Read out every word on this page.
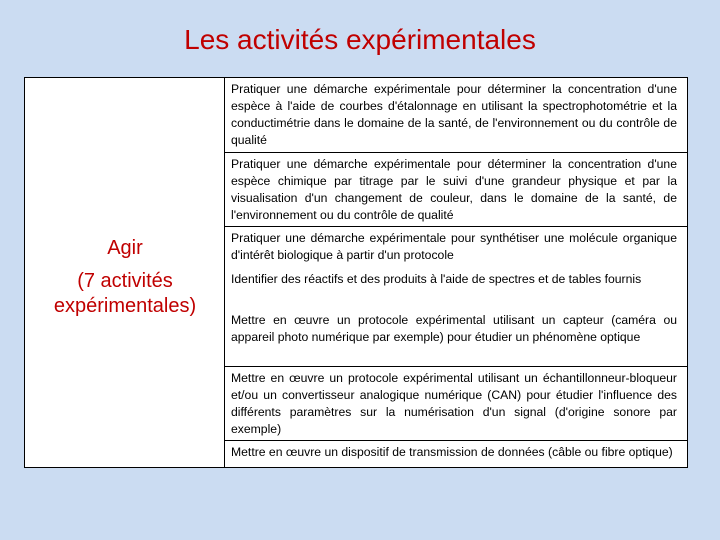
Les activités expérimentales
Agir
(7 activités
expérimentales)
Pratiquer une démarche expérimentale pour déterminer la concentration d'une espèce à l'aide de courbes d'étalonnage en utilisant la spectrophotométrie et la conductimétrie dans le domaine de la santé, de l'environnement ou du contrôle de qualité
Pratiquer une démarche expérimentale pour déterminer la concentration d'une espèce chimique par titrage par le suivi d'une grandeur physique et par la visualisation d'un changement de couleur, dans le domaine de la santé, de l'environnement ou du contrôle de qualité
Pratiquer une démarche expérimentale pour synthétiser une molécule organique d'intérêt biologique à partir d'un protocole
Identifier des réactifs et des produits à l'aide de spectres et de tables fournis
Mettre en œuvre un protocole expérimental utilisant un capteur (caméra ou appareil photo numérique par exemple) pour étudier un phénomène optique
Mettre en œuvre un protocole expérimental utilisant un échantillonneur-bloqueur et/ou un convertisseur analogique numérique (CAN) pour étudier l'influence des différents paramètres sur la numérisation d'un signal (d'origine sonore par exemple)
Mettre en œuvre un dispositif de transmission de données (câble ou fibre optique)
